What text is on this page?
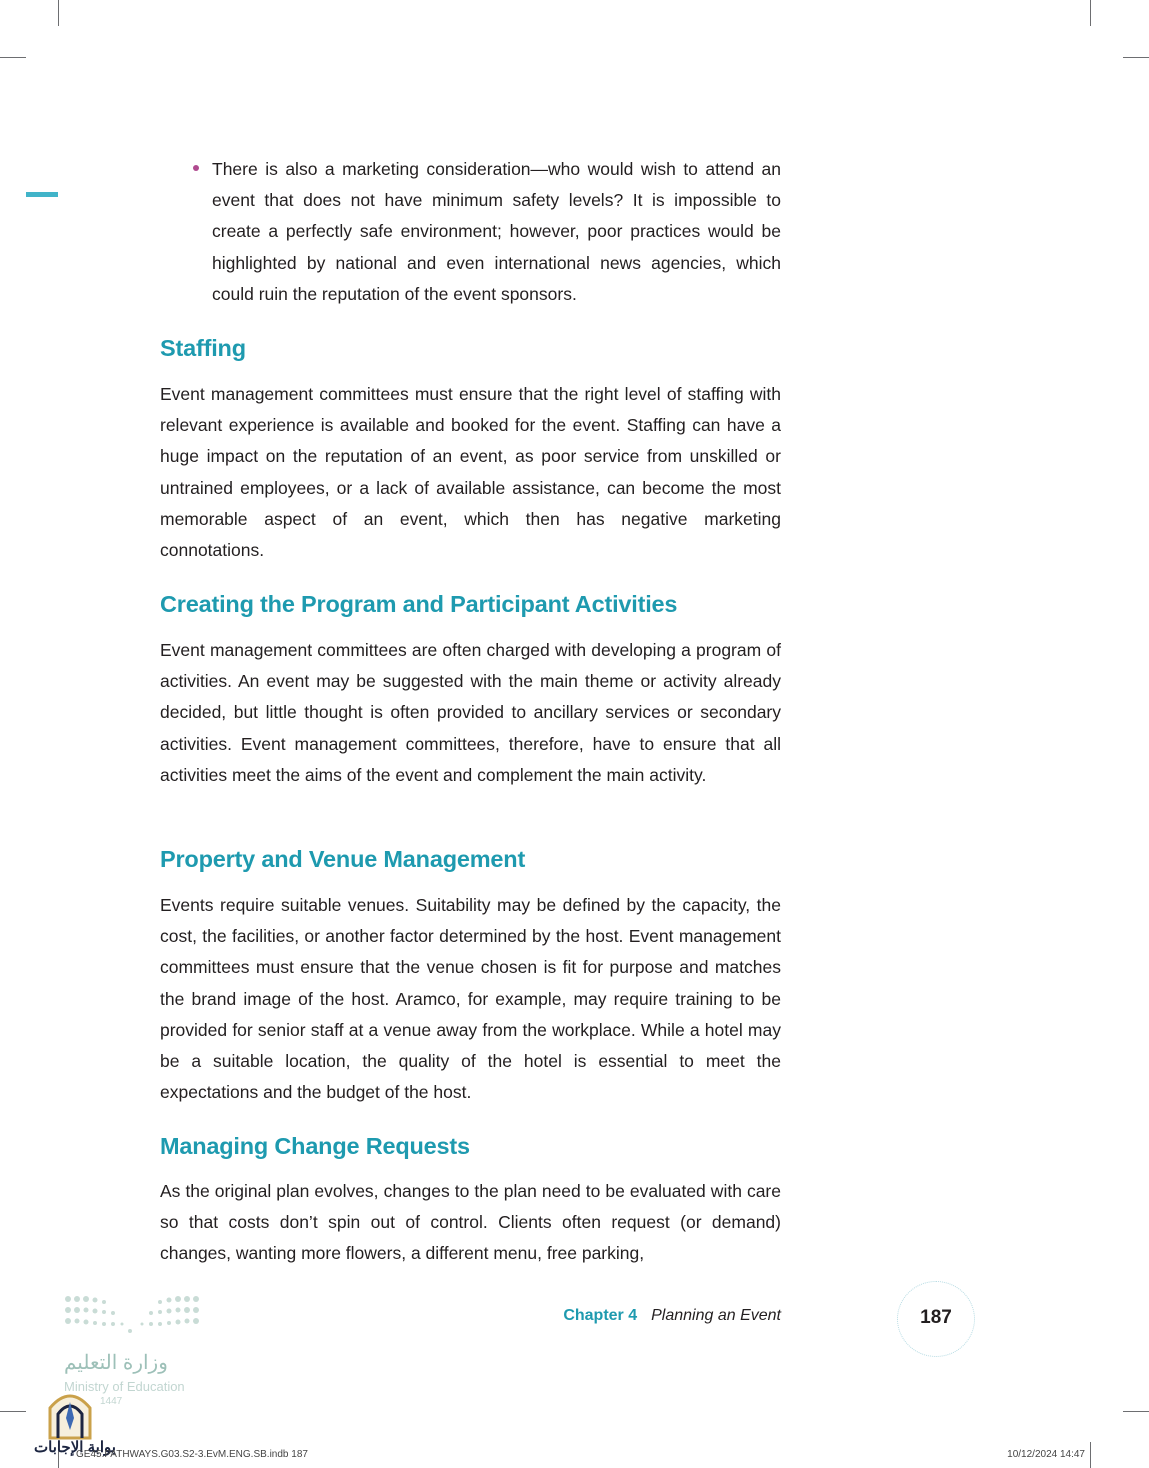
There is also a marketing consideration—who would wish to attend an event that does not have minimum safety levels? It is impossible to create a perfectly safe environment; however, poor practices would be highlighted by national and even international news agencies, which could ruin the reputation of the event sponsors.

Staffing

Event management committees must ensure that the right level of staffing with relevant experience is available and booked for the event. Staffing can have a huge impact on the reputation of an event, as poor service from unskilled or untrained employees, or a lack of available assistance, can become the most memorable aspect of an event, which then has negative marketing connotations.

Creating the Program and Participant Activities

Event management committees are often charged with developing a program of activities. An event may be suggested with the main theme or activity already decided, but little thought is often provided to ancillary services or secondary activities. Event management committees, therefore, have to ensure that all activities meet the aims of the event and complement the main activity.

Property and Venue Management

Events require suitable venues. Suitability may be defined by the capacity, the cost, the facilities, or another factor determined by the host. Event management committees must ensure that the venue chosen is fit for purpose and matches the brand image of the host. Aramco, for example, may require training to be provided for senior staff at a venue away from the workplace. While a hotel may be a suitable location, the quality of the hotel is essential to meet the expectations and the budget of the host.

Managing Change Requests

As the original plan evolves, changes to the plan need to be evaluated with care so that costs don’t spin out of control. Clients often request (or demand) changes, wanting more flowers, a different menu, free parking,

Chapter 4 Planning an Event	187
وزارة التعليم
Ministry of Education
1447
بوابة الإجابات
GE45.PATHWAYS.G03.S2-3.EvM.ENG.SB.indb 187	10/12/2024 14:47
